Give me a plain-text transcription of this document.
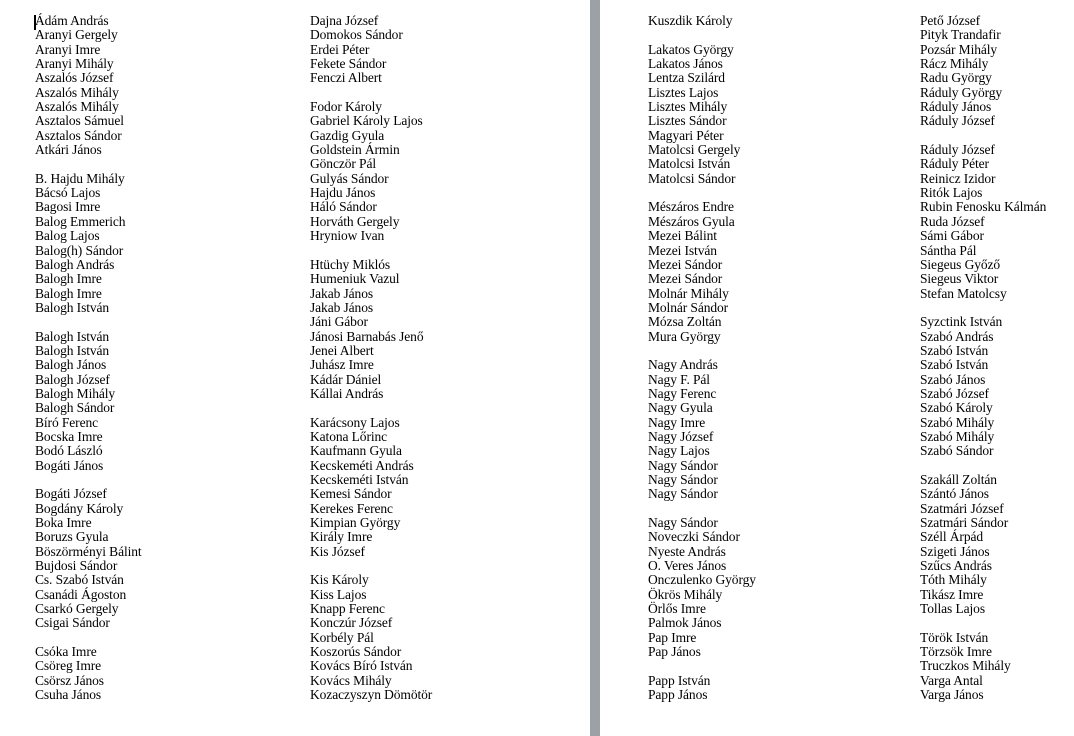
Ádám András
Aranyi Gergely
Aranyi Imre
Aranyi Mihály
Aszalós József
Aszalós Mihály
Aszalós Mihály
Asztalos Sámuel
Asztalos Sándor
Atkári János

B. Hajdu Mihály
Bácsó Lajos
Bagosi Imre
Balog Emmerich
Balog Lajos
Balog(h) Sándor
Balogh András
Balogh Imre
Balogh Imre
Balogh István

Balogh István
Balogh István
Balogh János
Balogh József
Balogh Mihály
Balogh Sándor
Bíró Ferenc
Bocska Imre
Bodó László
Bogáti János

Bogáti József
Bogdány Károly
Boka Imre
Boruzs Gyula
Böszörményi Bálint
Bujdosi Sándor
Cs. Szabó István
Csanádi Ágoston
Csarkó Gergely
Csigai Sándor

Csóka Imre
Csöreg Imre
Csörsz János
Csuha János
Dajna József
Domokos Sándor
Erdei Péter
Fekete Sándor
Fenczi Albert

Fodor Károly
Gabriel Károly Lajos
Gazdig Gyula
Goldstein Ármin
Gönczör Pál
Gulyás Sándor
Hajdu János
Háló Sándor
Horváth Gergely
Hryniow Ivan

Htüchy Miklós
Humeniuk Vazul
Jakab János
Jakab János
Jáni Gábor
Jánosi Barnabás Jenő
Jenei Albert
Juhász Imre
Kádár Dániel
Kállai András

Karácsony Lajos
Katona Lőrinc
Kaufmann Gyula
Kecskeméti András
Kecskeméti István
Kemesi Sándor
Kerekes Ferenc
Kimpian György
Király Imre
Kis József

Kis Károly
Kiss Lajos
Knapp Ferenc
Konczúr József
Korbély Pál
Koszorús Sándor
Kovács Bíró István
Kovács Mihály
Kozaczyszyn Dömötör
Kuszdik Károly

Lakatos György
Lakatos János
Lentza Szilárd
Lisztes Lajos
Lisztes Mihály
Lisztes Sándor
Magyari Péter
Matolcsi Gergely
Matolcsi István
Matolcsi Sándor

Mészáros Endre
Mészáros Gyula
Mezei Bálint
Mezei István
Mezei Sándor
Mezei Sándor
Molnár Mihály
Molnár Sándor
Mózsa Zoltán
Mura György

Nagy András
Nagy F. Pál
Nagy Ferenc
Nagy Gyula
Nagy Imre
Nagy József
Nagy Lajos
Nagy Sándor
Nagy Sándor
Nagy Sándor

Nagy Sándor
Noveczki Sándor
Nyeste András
O. Veres János
Onczulenko György
Ökrös Mihály
Örlős Imre
Palmok János
Pap Imre
Pap János

Papp István
Papp János
Pető József
Pityk Trandafir
Pozsár Mihály
Rácz Mihály
Radu György
Ráduly György
Ráduly János
Ráduly József

Ráduly József
Ráduly Péter
Reinicz Izidor
Ritók Lajos
Rubin Fenosku Kálmán
Ruda József
Sámi Gábor
Sántha Pál
Siegeus Győző
Siegeus Viktor
Stefan Matolcsy

Syzctink István
Szabó András
Szabó István
Szabó István
Szabó János
Szabó József
Szabó Károly
Szabó Mihály
Szabó Mihály
Szabó Sándor

Szakáll Zoltán
Szántó János
Szatmári József
Szatmári Sándor
Széll Árpád
Szigeti János
Szűcs András
Tóth Mihály
Tikász Imre
Tollas Lajos

Török István
Törzsök Imre
Truczkos Mihály
Varga Antal
Varga János
